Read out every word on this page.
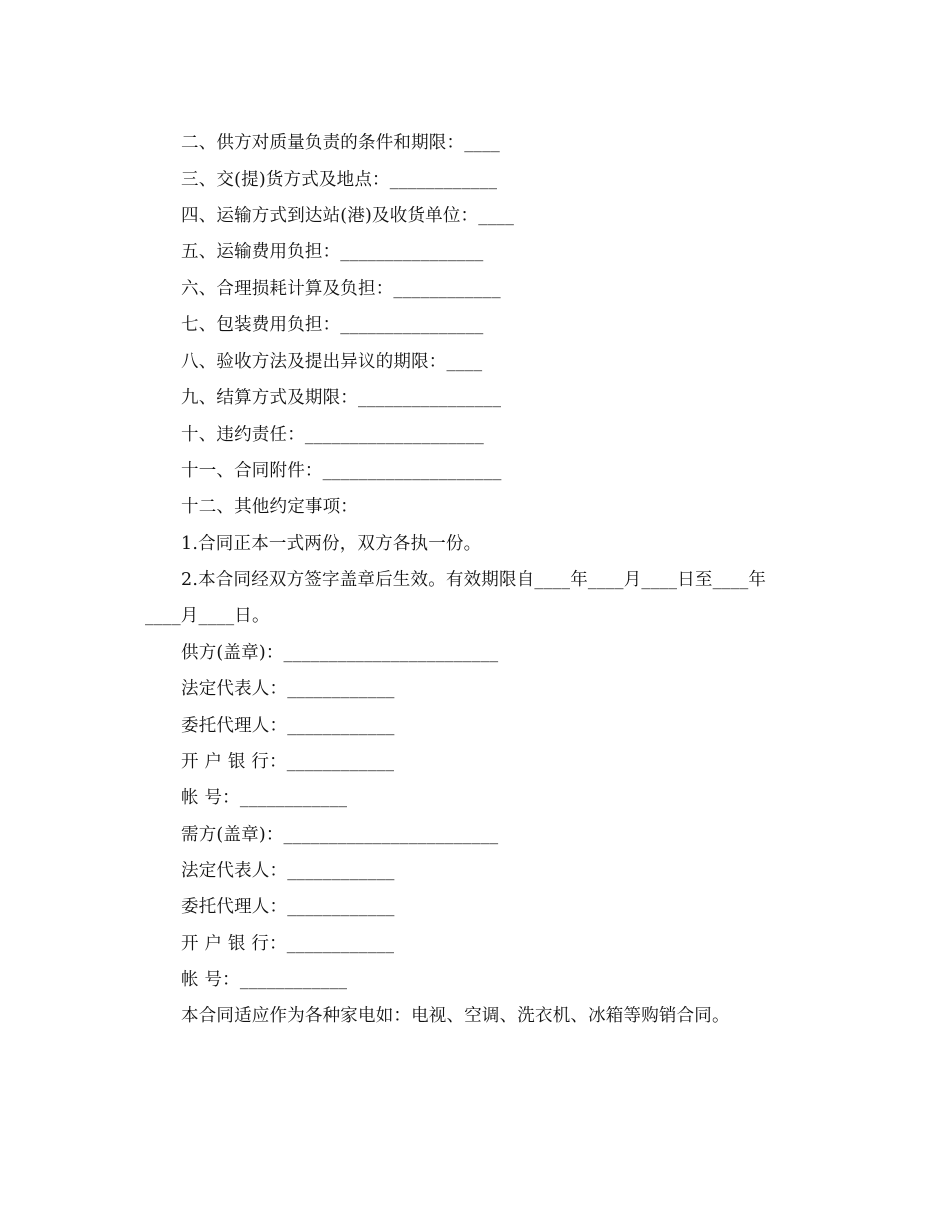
二、供方对质量负责的条件和期限：____
三、交(提)货方式及地点：____________
四、运输方式到达站(港)及收货单位：____
五、运输费用负担：________________
六、合理损耗计算及负担：____________
七、包装费用负担：________________
八、验收方法及提出异议的期限：____
九、结算方式及期限：________________
十、违约责任：____________________
十一、合同附件：____________________
十二、其他约定事项：
1.合同正本一式两份，双方各执一份。
2.本合同经双方签字盖章后生效。有效期限自____年____月____日至____年
____月____日。
供方(盖章)：________________________
法定代表人：____________
委托代理人：____________
开 户 银 行：____________
帐 号：____________
需方(盖章)：________________________
法定代表人：____________
委托代理人：____________
开 户 银 行：____________
帐 号：____________
本合同适应作为各种家电如：电视、空调、洗衣机、冰箱等购销合同。
